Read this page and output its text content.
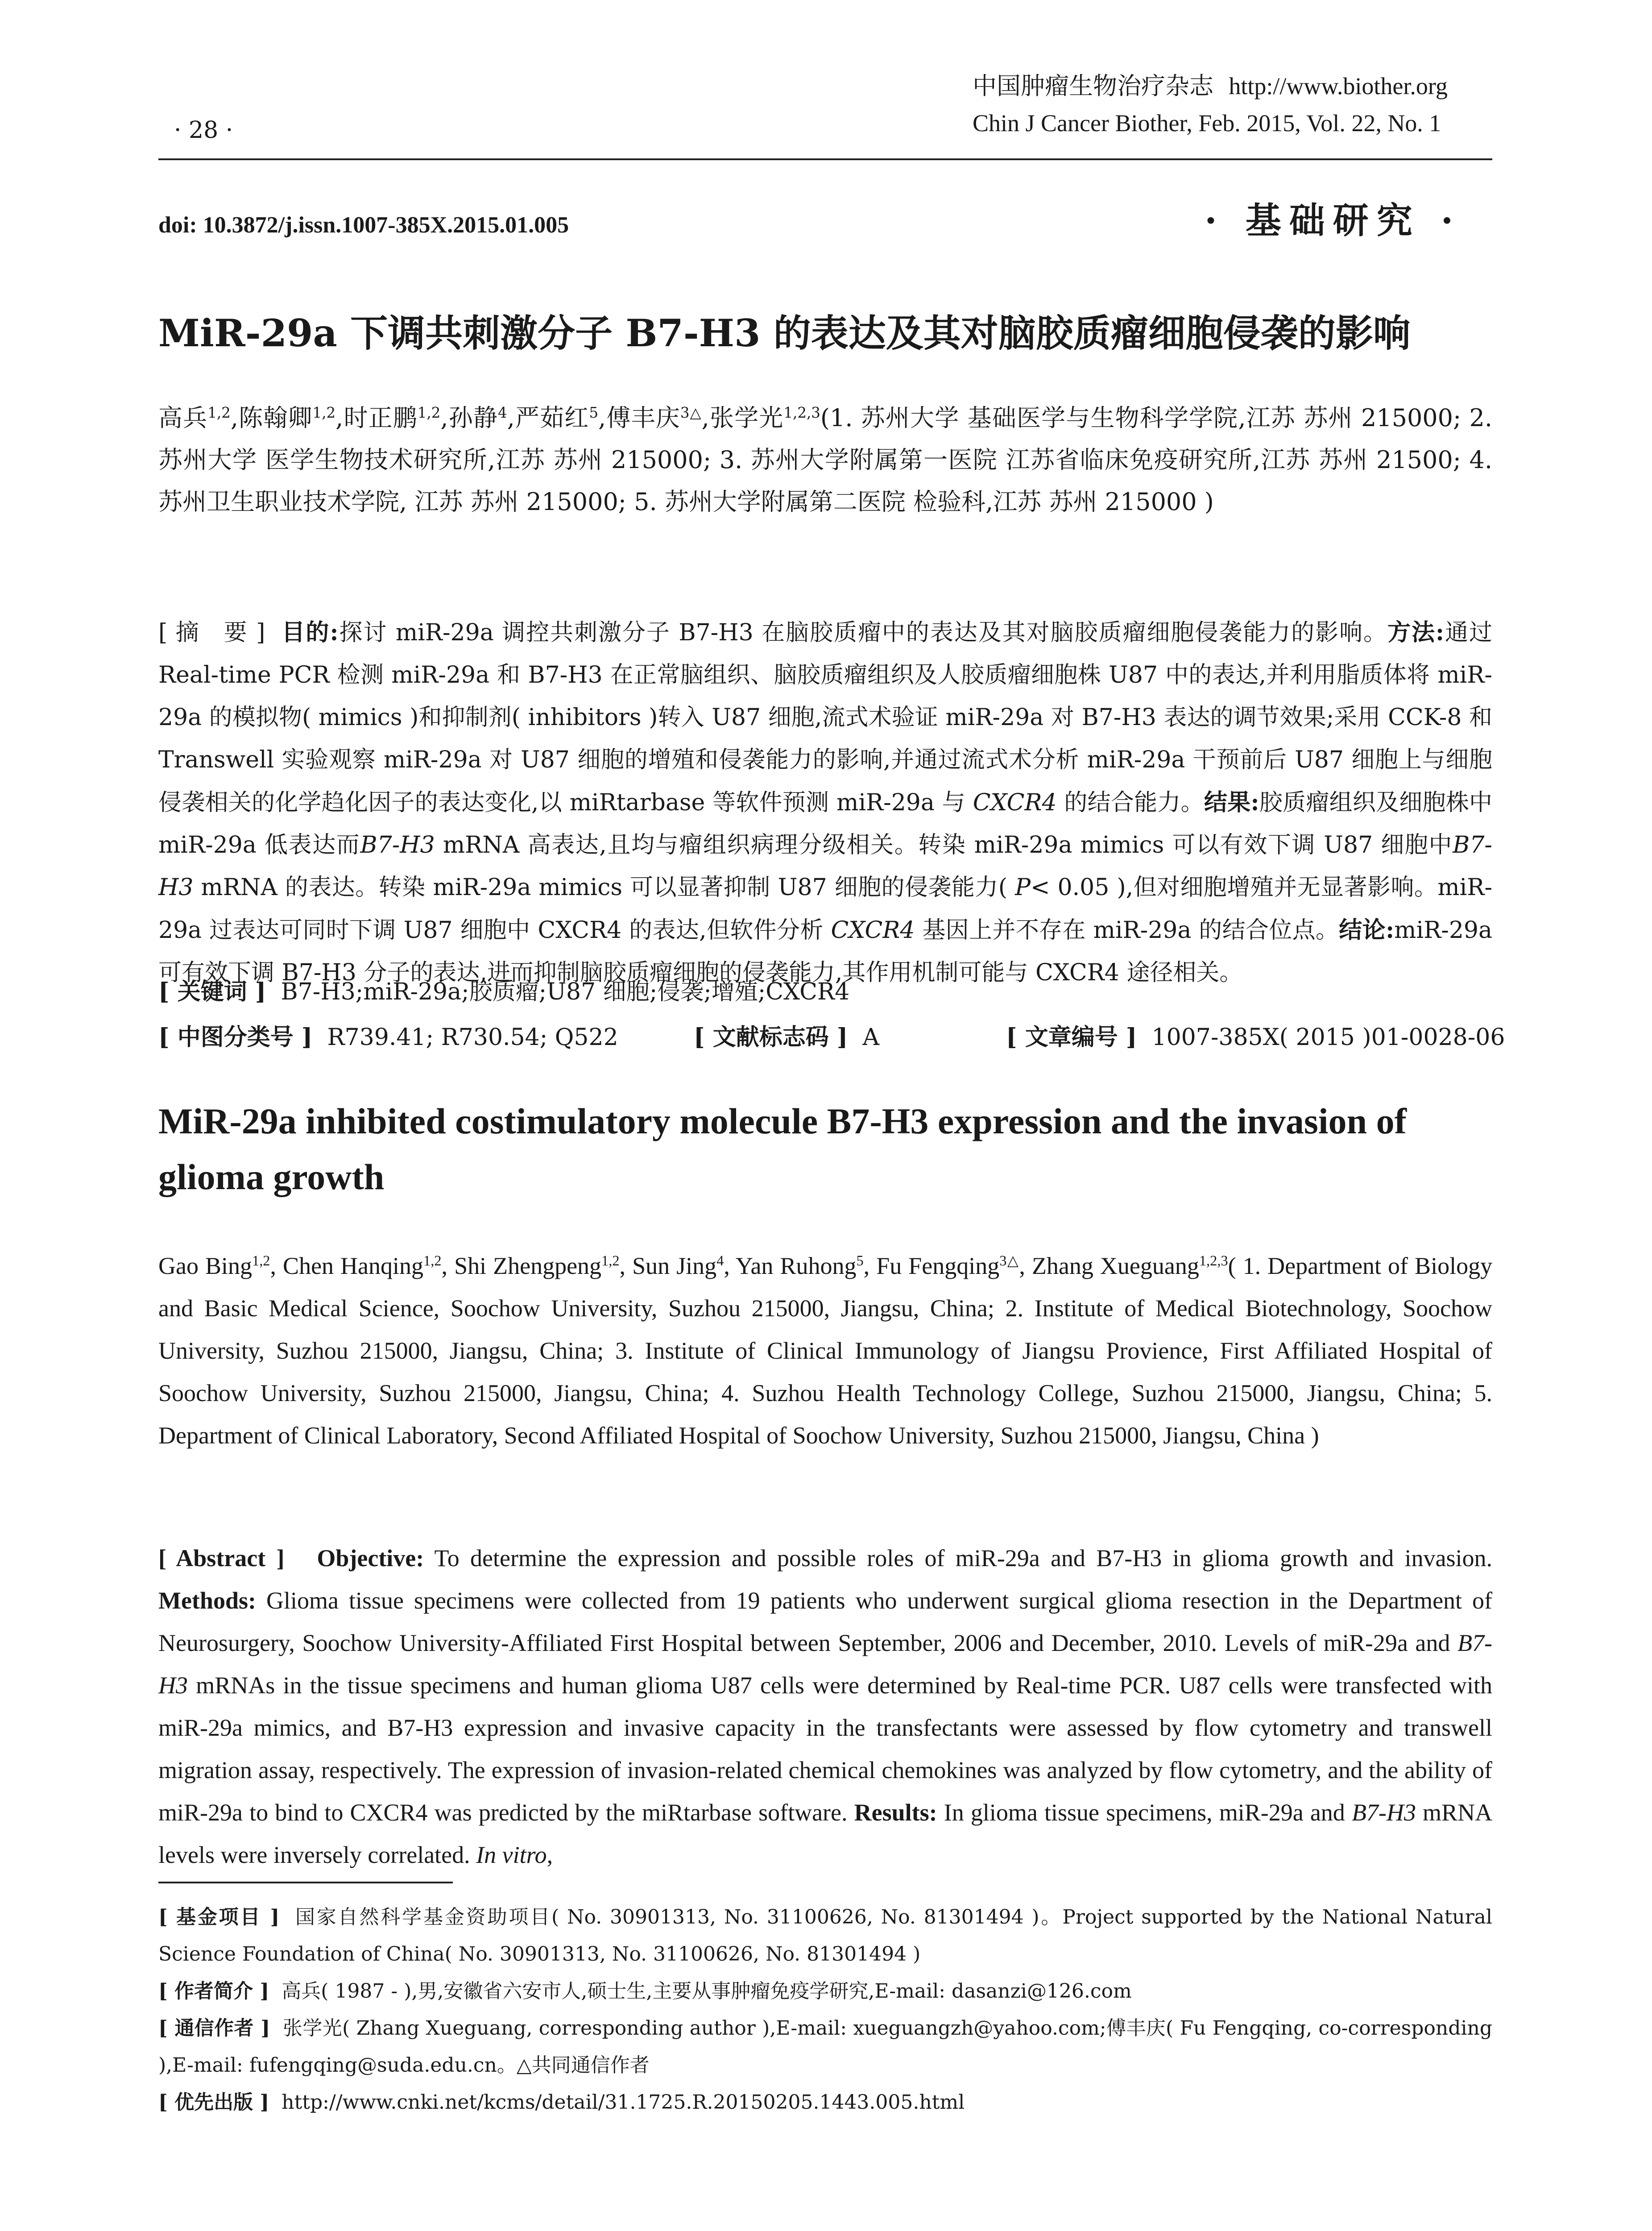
中国肿瘤生物治疗杂志 http://www.biother.org
Chin J Cancer Biother, Feb. 2015, Vol. 22, No. 1
· 28 ·
doi: 10.3872/j.issn.1007-385X.2015.01.005	· 基础研究 ·
MiR-29a 下调共刺激分子 B7-H3 的表达及其对脑胶质瘤细胞侵袭的影响
高兵$^{1,2}$,陈翰卿$^{1,2}$,时正鹏$^{1,2}$,孙静$^4$,严茹红$^5$,傅丰庆$^{3\triangle}$,张学光$^{1,2,3}$(1. 苏州大学 基础医学与生物科学学院,江苏 苏州 215000; 2. 苏州大学 医学生物技术研究所,江苏 苏州 215000; 3. 苏州大学附属第一医院 江苏省临床免疫研究所,江苏 苏州 21500; 4. 苏州卫生职业技术学院, 江苏 苏州 215000; 5. 苏州大学附属第二医院 检验科,江苏 苏州 215000 )
[ 摘　要 ] 目的:探讨 miR-29a 调控共刺激分子 B7-H3 在脑胶质瘤中的表达及其对脑胶质瘤细胞侵袭能力的影响。方法:通过 Real-time PCR 检测 miR-29a 和 B7-H3 在正常脑组织、脑胶质瘤组织及人胶质瘤细胞株 U87 中的表达,并利用脂质体将 miR-29a 的模拟物( mimics )和抑制剂( inhibitors )转入 U87 细胞,流式术验证 miR-29a 对 B7-H3 表达的调节效果;采用 CCK-8 和 Transwell 实验观察 miR-29a 对 U87 细胞的增殖和侵袭能力的影响,并通过流式术分析 miR-29a 干预前后 U87 细胞上与细胞侵袭相关的化学趋化因子的表达变化,以 miRtarbase 等软件预测 miR-29a 与 CXCR4 的结合能力。结果:胶质瘤组织及细胞株中 miR-29a 低表达而B7-H3 mRNA 高表达,且均与瘤组织病理分级相关。转染 miR-29a mimics 可以有效下调 U87 细胞中B7-H3 mRNA 的表达。转染 miR-29a mimics 可以显著抑制 U87 细胞的侵袭能力( P< 0.05 ),但对细胞增殖并无显著影响。miR-29a 过表达可同时下调 U87 细胞中 CXCR4 的表达,但软件分析 CXCR4 基因上并不存在 miR-29a 的结合位点。结论:miR-29a 可有效下调 B7-H3 分子的表达,进而抑制脑胶质瘤细胞的侵袭能力,其作用机制可能与 CXCR4 途径相关。
[ 关键词 ] B7-H3;miR-29a;胶质瘤;U87 细胞;侵袭;增殖;CXCR4
[ 中图分类号 ] R739.41; R730.54; Q522	[ 文献标志码 ] A	[ 文章编号 ] 1007-385X( 2015 )01-0028-06
MiR-29a inhibited costimulatory molecule B7-H3 expression and the invasion of glioma growth
Gao Bing$^{1,2}$, Chen Hanqing$^{1,2}$, Shi Zhengpeng$^{1,2}$, Sun Jing$^4$, Yan Ruhong$^5$, Fu Fengqing$^{3\triangle}$, Zhang Xueguang$^{1,2,3}$( 1. Department of Biology and Basic Medical Science, Soochow University, Suzhou 215000, Jiangsu, China; 2. Institute of Medical Biotechnology, Soochow University, Suzhou 215000, Jiangsu, China; 3. Institute of Clinical Immunology of Jiangsu Provience, First Affiliated Hospital of Soochow University, Suzhou 215000, Jiangsu, China; 4. Suzhou Health Technology College, Suzhou 215000, Jiangsu, China; 5. Department of Clinical Laboratory, Second Affiliated Hospital of Soochow University, Suzhou 215000, Jiangsu, China )
[ Abstract ] Objective: To determine the expression and possible roles of miR-29a and B7-H3 in glioma growth and invasion. Methods: Glioma tissue specimens were collected from 19 patients who underwent surgical glioma resection in the Department of Neurosurgery, Soochow University-Affiliated First Hospital between September, 2006 and December, 2010. Levels of miR-29a and B7-H3 mRNAs in the tissue specimens and human glioma U87 cells were determined by Real-time PCR. U87 cells were transfected with miR-29a mimics, and B7-H3 expression and invasive capacity in the transfectants were assessed by flow cytometry and transwell migration assay, respectively. The expression of invasion-related chemical chemokines was analyzed by flow cytometry, and the ability of miR-29a to bind to CXCR4 was predicted by the miRtarbase software. Results: In glioma tissue specimens, miR-29a and B7-H3 mRNA levels were inversely correlated. In vitro,

[ 基金项目 ] 国家自然科学基金资助项目( No. 30901313, No. 31100626, No. 81301494 )。Project supported by the National Natural Science Foundation of China( No. 30901313, No. 31100626, No. 81301494 )

[ 作者简介 ] 高兵( 1987 - ),男,安徽省六安市人,硕士生,主要从事肿瘤免疫学研究,E-mail: dasanzi@126.com

[ 通信作者 ] 张学光( Zhang Xueguang, corresponding author ),E-mail: xueguangzh@yahoo.com;傅丰庆( Fu Fengqing, co-corresponding ),E-mail: fufengqing@suda.edu.cn。△共同通信作者

[ 优先出版 ] http://www.cnki.net/kcms/detail/31.1725.R.20150205.1443.005.html
